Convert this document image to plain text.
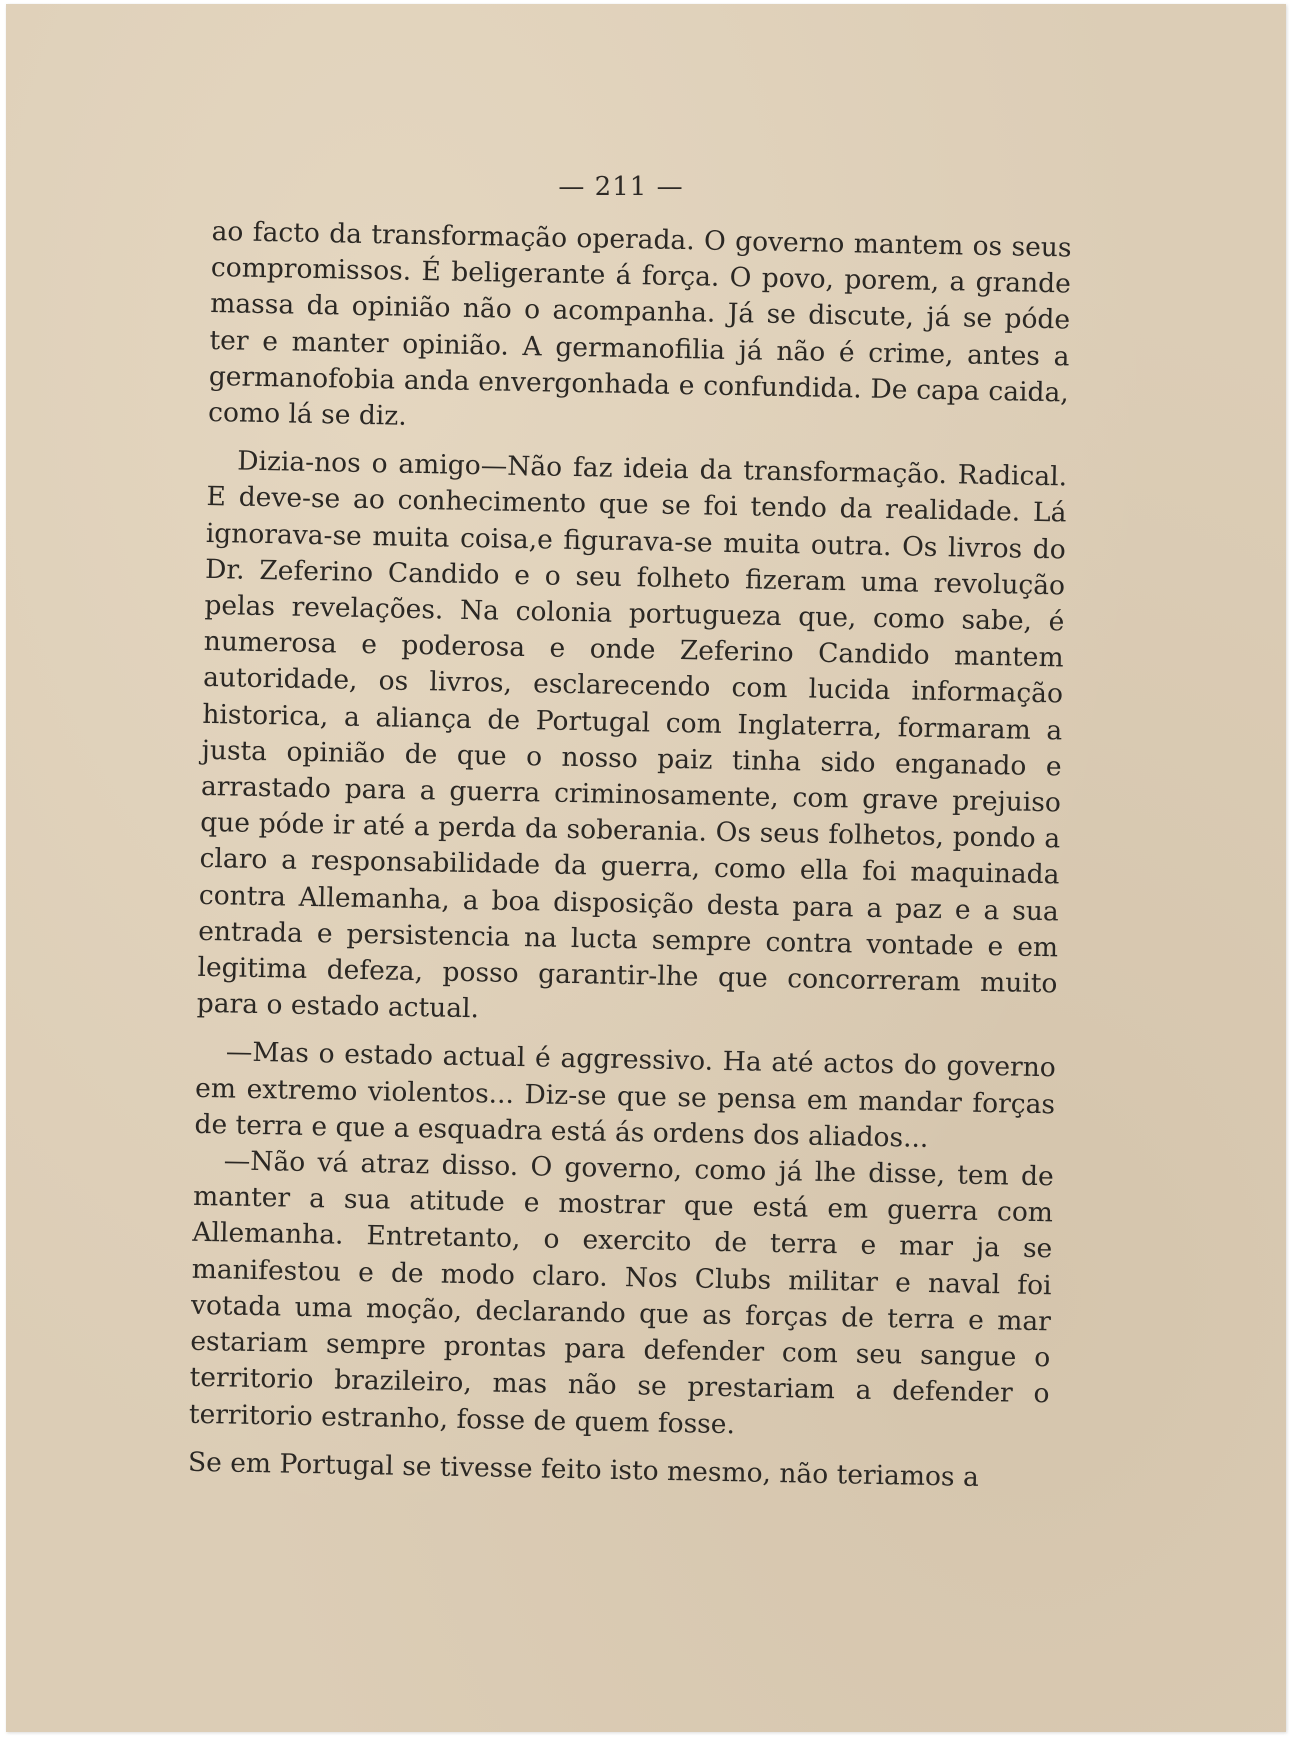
— 211 —

ao facto da transformação operada. O governo mantem os seus compromissos. É beligerante á força. O povo, porem, a grande massa da opinião não o acompanha. Já se discute, já se póde ter e manter opinião. A germanofilia já não é crime, antes a germanofobia anda envergonhada e confundida. De capa caida, como lá se diz.

Dizia-nos o amigo—Não faz ideia da transformação. Radical. E deve-se ao conhecimento que se foi tendo da realidade. Lá ignorava-se muita coisa,e figurava-se muita outra. Os livros do Dr. Zeferino Candido e o seu folheto fizeram uma revolução pelas revelações. Na colonia portugueza que, como sabe, é numerosa e poderosa e onde Zeferino Candido mantem autoridade, os livros, esclarecendo com lucida informação historica, a aliança de Portugal com Inglaterra, formaram a justa opinião de que o nosso paiz tinha sido enganado e arrastado para a guerra criminosamente, com grave prejuiso que póde ir até a perda da soberania. Os seus folhetos, pondo a claro a responsabilidade da guerra, como ella foi maquinada contra Allemanha, a boa disposição desta para a paz e a sua entrada e persistencia na lucta sempre contra vontade e em legitima defeza, posso garantir-lhe que concorreram muito para o estado actual.

—Mas o estado actual é aggressivo. Ha até actos do governo em extremo violentos... Diz-se que se pensa em mandar forças de terra e que a esquadra está ás ordens dos aliados...

—Não vá atraz disso. O governo, como já lhe disse, tem de manter a sua atitude e mostrar que está em guerra com Allemanha. Entretanto, o exercito de terra e mar ja se manifestou e de modo claro. Nos Clubs militar e naval foi votada uma moção, declarando que as forças de terra e mar estariam sempre prontas para defender com seu sangue o territorio brazileiro, mas não se prestariam a defender o territorio estranho, fosse de quem fosse.

Se em Portugal se tivesse feito isto mesmo, não teriamos a
